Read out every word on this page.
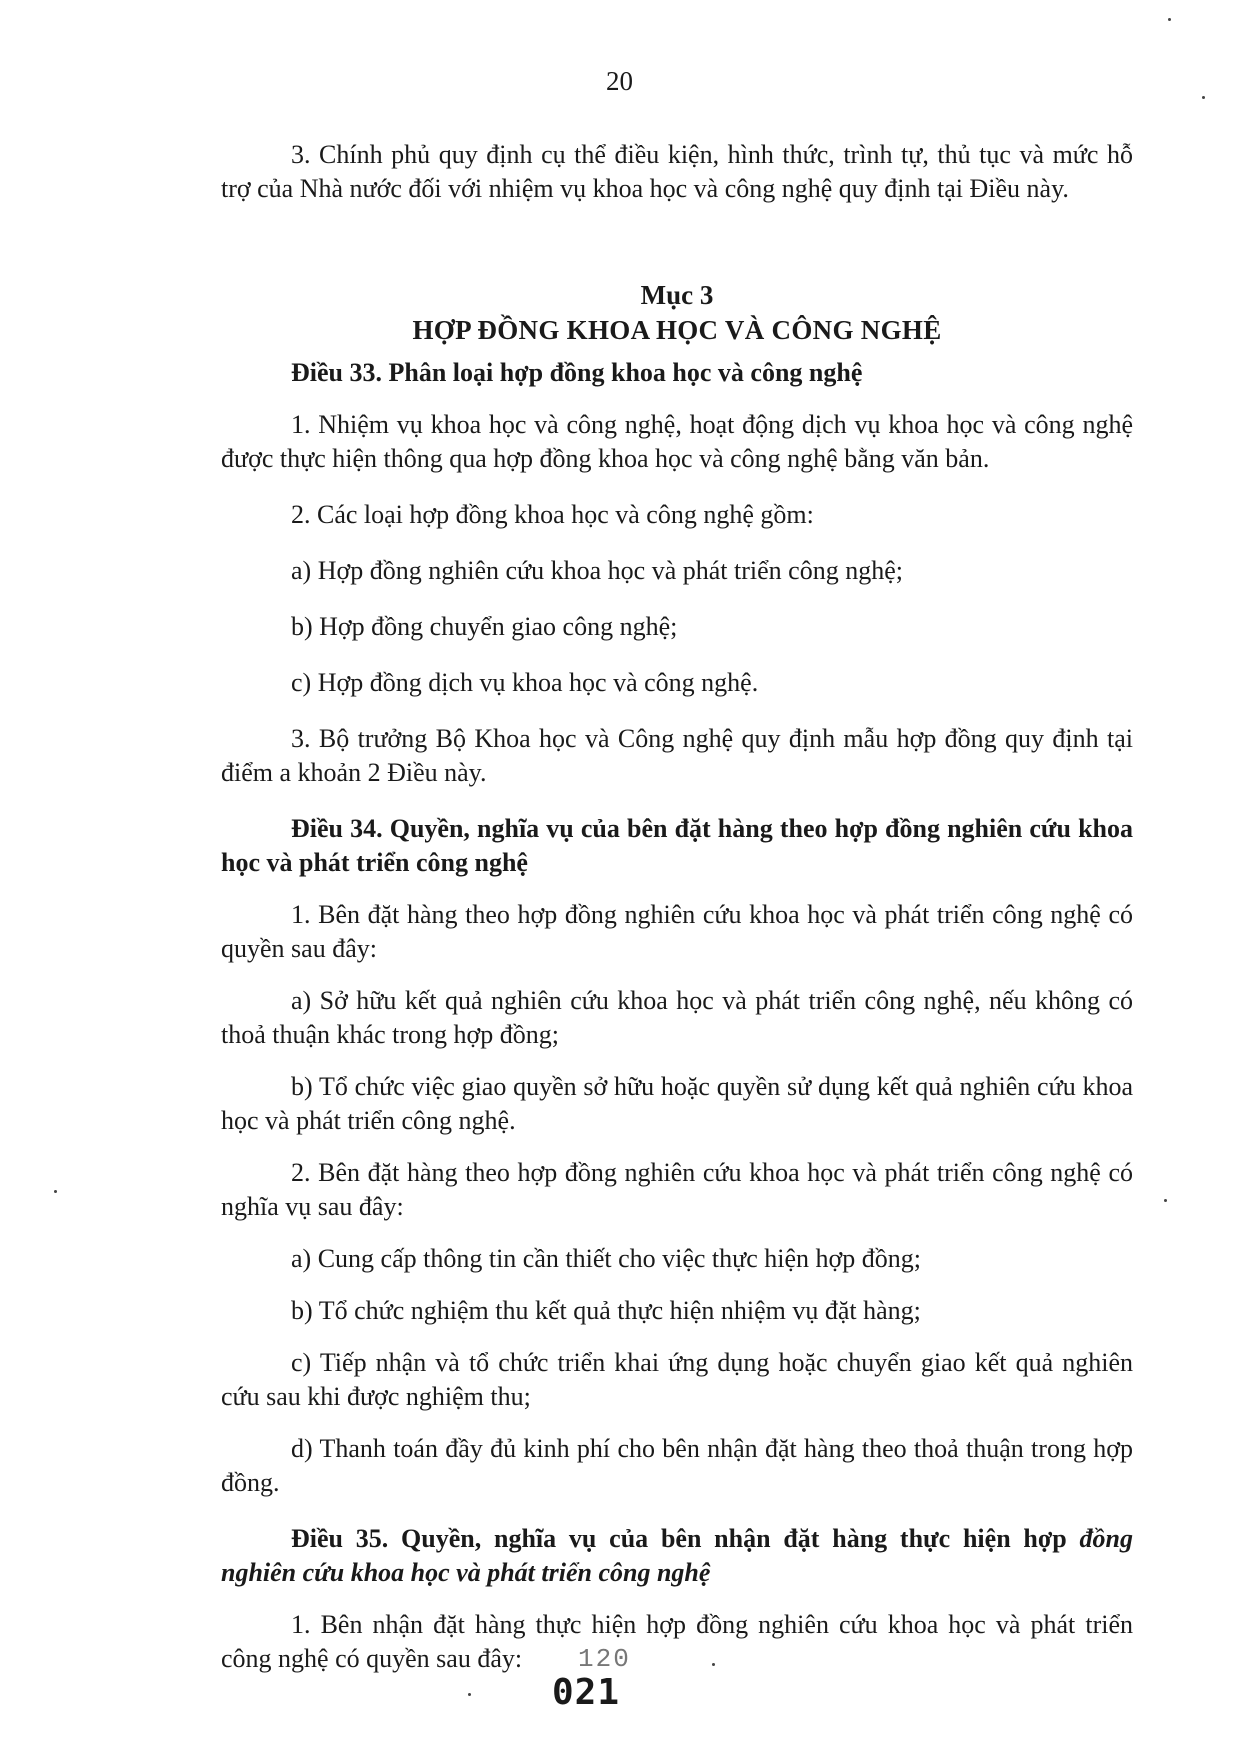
20

3. Chính phủ quy định cụ thể điều kiện, hình thức, trình tự, thủ tục và mức hỗ trợ của Nhà nước đối với nhiệm vụ khoa học và công nghệ quy định tại Điều này.

Mục 3

HỢP ĐỒNG KHOA HỌC VÀ CÔNG NGHỆ

Điều 33. Phân loại hợp đồng khoa học và công nghệ

1. Nhiệm vụ khoa học và công nghệ, hoạt động dịch vụ khoa học và công nghệ được thực hiện thông qua hợp đồng khoa học và công nghệ bằng văn bản.

2. Các loại hợp đồng khoa học và công nghệ gồm:

a) Hợp đồng nghiên cứu khoa học và phát triển công nghệ;

b) Hợp đồng chuyển giao công nghệ;

c) Hợp đồng dịch vụ khoa học và công nghệ.

3. Bộ trưởng Bộ Khoa học và Công nghệ quy định mẫu hợp đồng quy định tại điểm a khoản 2 Điều này.

Điều 34. Quyền, nghĩa vụ của bên đặt hàng theo hợp đồng nghiên cứu khoa học và phát triển công nghệ

1. Bên đặt hàng theo hợp đồng nghiên cứu khoa học và phát triển công nghệ có quyền sau đây:

a) Sở hữu kết quả nghiên cứu khoa học và phát triển công nghệ, nếu không có thoả thuận khác trong hợp đồng;

b) Tổ chức việc giao quyền sở hữu hoặc quyền sử dụng kết quả nghiên cứu khoa học và phát triển công nghệ.

2. Bên đặt hàng theo hợp đồng nghiên cứu khoa học và phát triển công nghệ có nghĩa vụ sau đây:

a) Cung cấp thông tin cần thiết cho việc thực hiện hợp đồng;

b) Tổ chức nghiệm thu kết quả thực hiện nhiệm vụ đặt hàng;

c) Tiếp nhận và tổ chức triển khai ứng dụng hoặc chuyển giao kết quả nghiên cứu sau khi được nghiệm thu;

d) Thanh toán đầy đủ kinh phí cho bên nhận đặt hàng theo thoả thuận trong hợp đồng.

Điều 35. Quyền, nghĩa vụ của bên nhận đặt hàng thực hiện hợp đồng nghiên cứu khoa học và phát triển công nghệ

1. Bên nhận đặt hàng thực hiện hợp đồng nghiên cứu khoa học và phát triển công nghệ có quyền sau đây:	120
021
